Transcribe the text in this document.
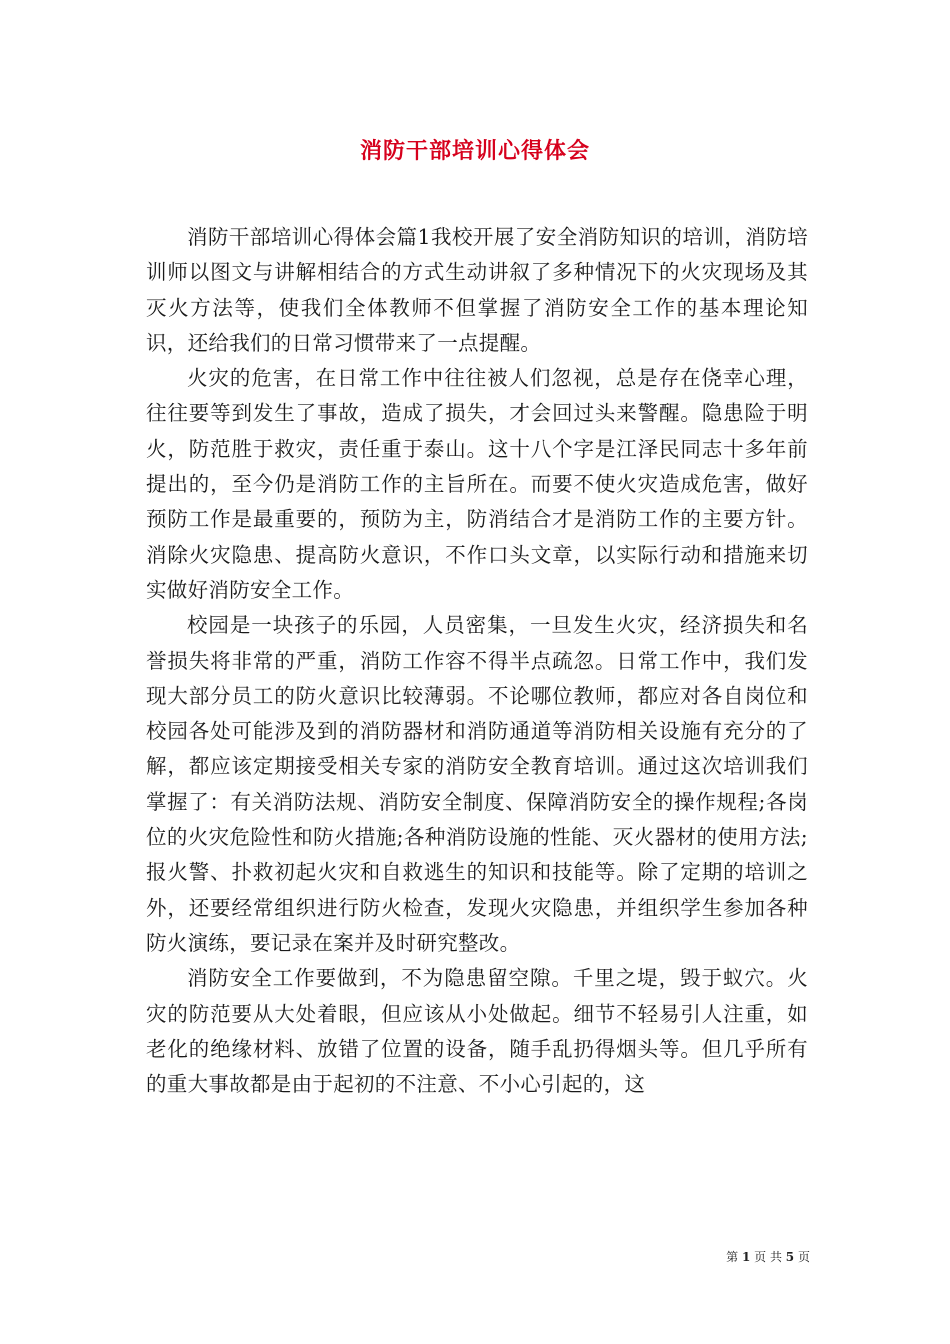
消防干部培训心得体会

消防干部培训心得体会篇1我校开展了安全消防知识的培训，消防培训师以图文与讲解相结合的方式生动讲叙了多种情况下的火灾现场及其灭火方法等，使我们全体教师不但掌握了消防安全工作的基本理论知识，还给我们的日常习惯带来了一点提醒。

火灾的危害，在日常工作中往往被人们忽视，总是存在侥幸心理，往往要等到发生了事故，造成了损失，才会回过头来警醒。隐患险于明火，防范胜于救灾，责任重于泰山。这十八个字是江泽民同志十多年前提出的，至今仍是消防工作的主旨所在。而要不使火灾造成危害，做好预防工作是最重要的，预防为主，防消结合才是消防工作的主要方针。消除火灾隐患、提高防火意识，不作口头文章，以实际行动和措施来切实做好消防安全工作。

校园是一块孩子的乐园，人员密集，一旦发生火灾，经济损失和名誉损失将非常的严重，消防工作容不得半点疏忽。日常工作中，我们发现大部分员工的防火意识比较薄弱。不论哪位教师，都应对各自岗位和校园各处可能涉及到的消防器材和消防通道等消防相关设施有充分的了解，都应该定期接受相关专家的消防安全教育培训。通过这次培训我们掌握了：有关消防法规、消防安全制度、保障消防安全的操作规程;各岗位的火灾危险性和防火措施;各种消防设施的性能、灭火器材的使用方法;报火警、扑救初起火灾和自救逃生的知识和技能等。除了定期的培训之外，还要经常组织进行防火检查，发现火灾隐患，并组织学生参加各种防火演练，要记录在案并及时研究整改。

消防安全工作要做到，不为隐患留空隙。千里之堤，毁于蚁穴。火灾的防范要从大处着眼，但应该从小处做起。细节不轻易引人注重，如老化的绝缘材料、放错了位置的设备，随手乱扔得烟头等。但几乎所有的重大事故都是由于起初的不注意、不小心引起的，这

第 1 页 共 5 页
